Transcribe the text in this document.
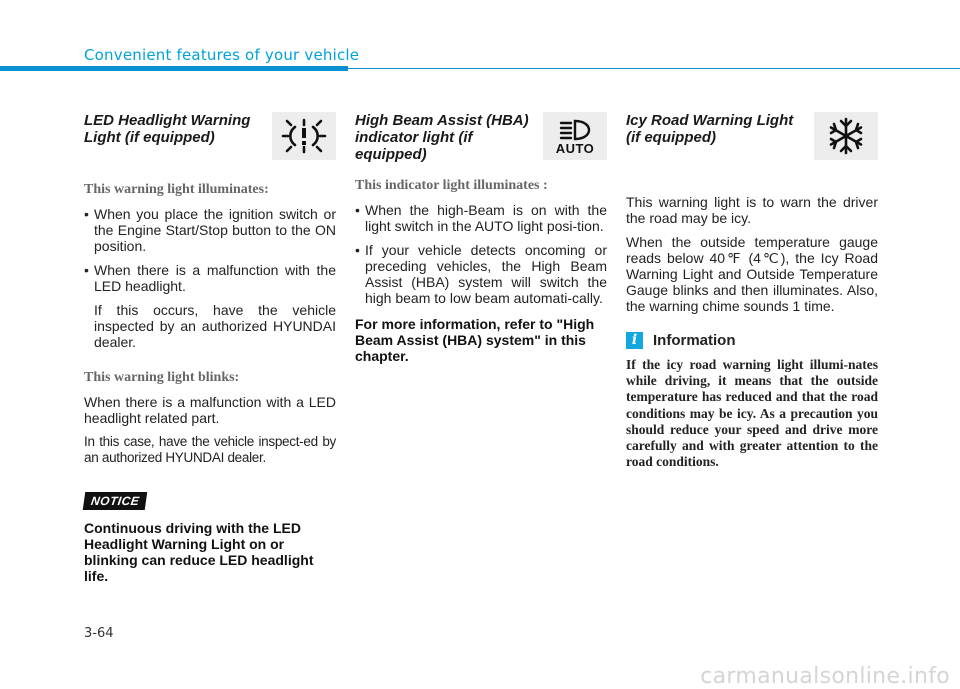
Convenient features of your vehicle

LED Headlight Warning Light (if equipped)

This warning light illuminates:
• When you place the ignition switch or the Engine Start/Stop button to the ON position.
• When there is a malfunction with the LED headlight.

If this occurs, have the vehicle inspected by an authorized HYUNDAI dealer.

This warning light blinks:

When there is a malfunction with a LED headlight related part.

In this case, have the vehicle inspect-ed by an authorized HYUNDAI dealer.

NOTICE

Continuous driving with the LED Headlight Warning Light on or blinking can reduce LED headlight life.

High Beam Assist (HBA) indicator light (if equipped)	AUTO
This indicator light illuminates :
• When the high-Beam is on with the light switch in the AUTO light posi-tion.
• If your vehicle detects oncoming or preceding vehicles, the High Beam Assist (HBA) system will switch the high beam to low beam automati-cally.

For more information, refer to "High Beam Assist (HBA) system" in this chapter.

Icy Road Warning Light (if equipped)

This warning light is to warn the driver the road may be icy.

When the outside temperature gauge reads below 40℉ (4℃), the Icy Road Warning Light and Outside Temperature Gauge blinks and then illuminates. Also, the warning chime sounds 1 time.

i	Information

If the icy road warning light illumi-nates while driving, it means that the outside temperature has reduced and that the road conditions may be icy. As a precaution you should reduce your speed and drive more carefully and with greater attention to the road conditions.

3-64
carmanualsonline.info
